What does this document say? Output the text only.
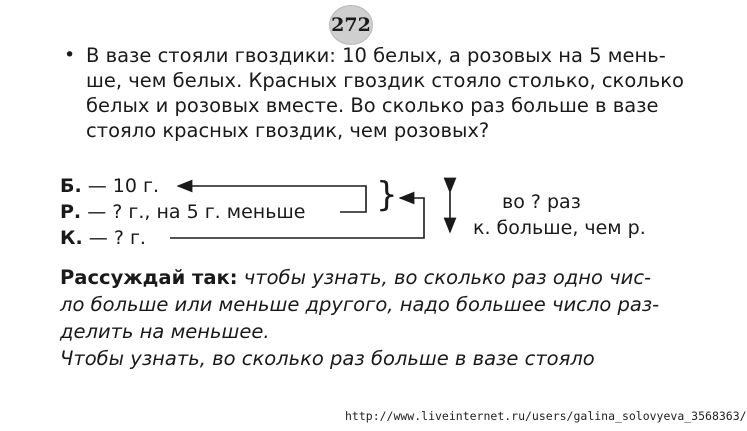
272
• В вазе стояли гвоздики: 10 белых, а розовых на 5 мень-
ше, чем белых. Красных гвоздик стояло столько, сколько
белых и розовых вместе. Во сколько раз больше в вазе
стояло красных гвоздик, чем розовых?
Б. — 10 г.
Р. — ? г., на 5 г. меньше
К. — ? г.
}	во ? раз
к. больше, чем р.
Рассуждай так: чтобы узнать, во сколько раз одно чис-
ло больше или меньше другого, надо большее число раз-
делить на меньшее.
Чтобы узнать, во сколько раз больше в вазе стояло
http://www.liveinternet.ru/users/galina_solovyeva_3568363/
